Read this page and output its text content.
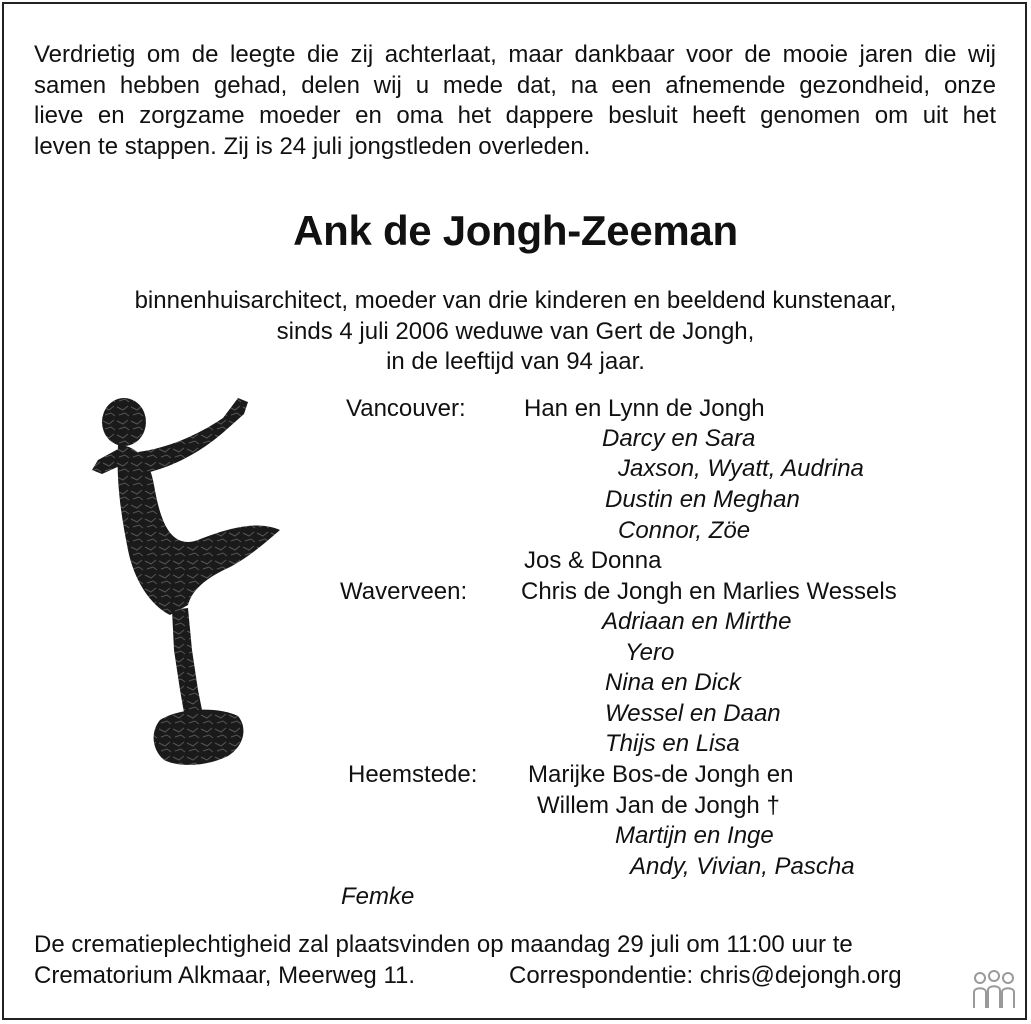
Verdrietig om de leegte die zij achterlaat, maar dankbaar voor de mooie jaren die wij
samen hebben gehad, delen wij u mede dat, na een afnemende gezondheid, onze
lieve en zorgzame moeder en oma het dappere besluit heeft genomen om uit het
leven te stappen. Zij is 24 juli jongstleden overleden.
Ank de Jongh-Zeeman
binnenhuisarchitect, moeder van drie kinderen en beeldend kunstenaar,
sinds 4 juli 2006 weduwe van Gert de Jongh,
in de leeftijd van 94 jaar.
Vancouver: Han en Lynn de Jongh
Darcy en Sara
Jaxson, Wyatt, Audrina
Dustin en Meghan
Connor, Zöe
Jos & Donna
Waverveen: Chris de Jongh en Marlies Wessels
Adriaan en Mirthe
Yero
Nina en Dick
Wessel en Daan
Thijs en Lisa
Heemstede: Marijke Bos-de Jongh en
Willem Jan de Jongh †
Martijn en Inge
Andy, Vivian, Pascha
Femke
De crematieplechtigheid zal plaatsvinden op maandag 29 juli om 11:00 uur te
Crematorium Alkmaar, Meerweg 11.	Correspondentie: chris@dejongh.org
